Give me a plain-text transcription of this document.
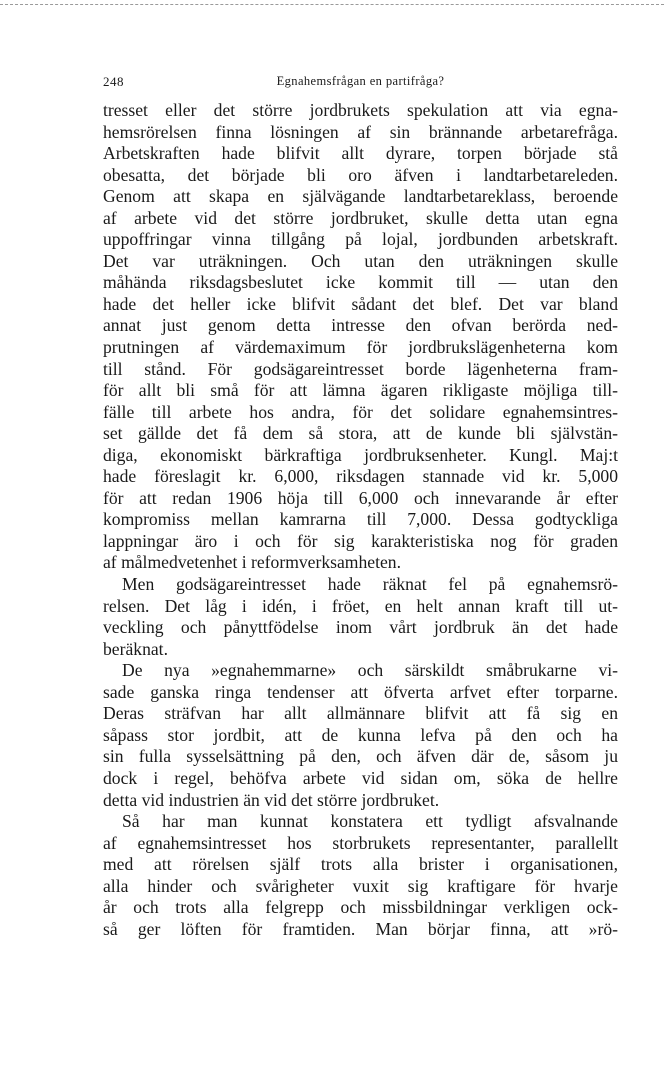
248	Egnahemsfrågan en partifråga?
tresset eller det större jordbrukets spekulation att via egna-
hemsrörelsen finna lösningen af sin brännande arbetarefråga.
Arbetskraften hade blifvit allt dyrare, torpen började stå
obesatta, det började bli oro äfven i landtarbetareleden.
Genom att skapa en självägande landtarbetareklass, beroende
af arbete vid det större jordbruket, skulle detta utan egna
uppoffringar vinna tillgång på lojal, jordbunden arbetskraft.
Det var uträkningen. Och utan den uträkningen skulle
måhända riksdagsbeslutet icke kommit till — utan den
hade det heller icke blifvit sådant det blef. Det var bland
annat just genom detta intresse den ofvan berörda ned-
prutningen af värdemaximum för jordbrukslägenheterna kom
till stånd. För godsägareintresset borde lägenheterna fram-
för allt bli små för att lämna ägaren rikligaste möjliga till-
fälle till arbete hos andra, för det solidare egnahemsintres-
set gällde det få dem så stora, att de kunde bli självstän-
diga, ekonomiskt bärkraftiga jordbruksenheter. Kungl. Maj:t
hade föreslagit kr. 6,000, riksdagen stannade vid kr. 5,000
för att redan 1906 höja till 6,000 och innevarande år efter
kompromiss mellan kamrarna till 7,000. Dessa godtyckliga
lappningar äro i och för sig karakteristiska nog för graden
af målmedvetenhet i reformverksamheten.
Men godsägareintresset hade räknat fel på egnahemsrö-
relsen. Det låg i idén, i fröet, en helt annan kraft till ut-
veckling och pånyttfödelse inom vårt jordbruk än det hade
beräknat.
De nya »egnahemmarne» och särskildt småbrukarne vi-
sade ganska ringa tendenser att öfverta arfvet efter torparne.
Deras sträfvan har allt allmännare blifvit att få sig en
såpass stor jordbit, att de kunna lefva på den och ha
sin fulla sysselsättning på den, och äfven där de, såsom ju
dock i regel, behöfva arbete vid sidan om, söka de hellre
detta vid industrien än vid det större jordbruket.
Så har man kunnat konstatera ett tydligt afsvalnande
af egnahemsintresset hos storbrukets representanter, parallellt
med att rörelsen själf trots alla brister i organisationen,
alla hinder och svårigheter vuxit sig kraftigare för hvarje
år och trots alla felgrepp och missbildningar verkligen ock-
så ger löften för framtiden. Man börjar finna, att »rö-
